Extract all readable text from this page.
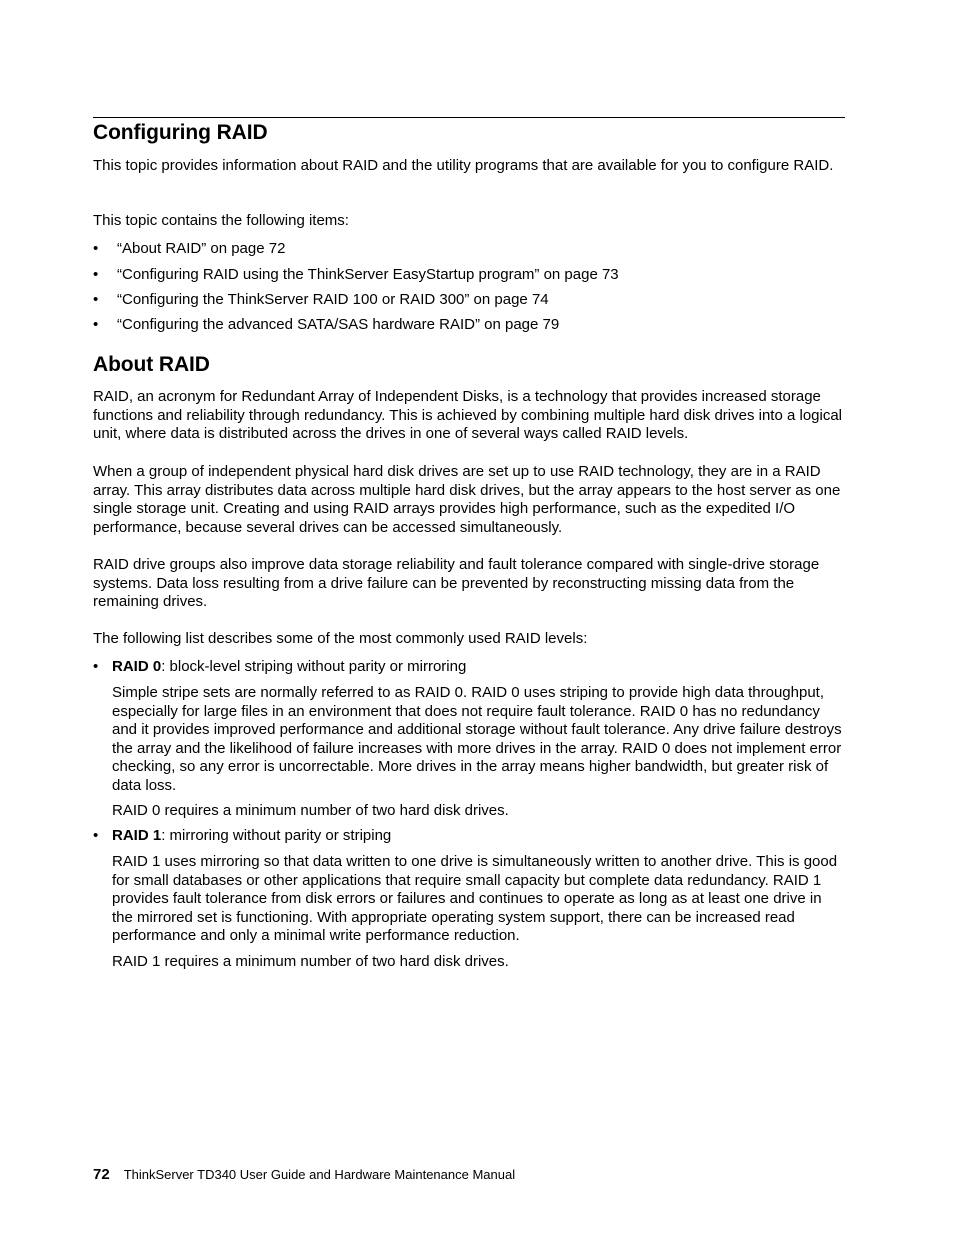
Configuring RAID

This topic provides information about RAID and the utility programs that are available for you to configure RAID.

This topic contains the following items:

• “About RAID” on page 72
• “Configuring RAID using the ThinkServer EasyStartup program” on page 73
• “Configuring the ThinkServer RAID 100 or RAID 300” on page 74
• “Configuring the advanced SATA/SAS hardware RAID” on page 79
About RAID

RAID, an acronym for Redundant Array of Independent Disks, is a technology that provides increased storage functions and reliability through redundancy. This is achieved by combining multiple hard disk drives into a logical unit, where data is distributed across the drives in one of several ways called RAID levels.

When a group of independent physical hard disk drives are set up to use RAID technology, they are in a RAID array. This array distributes data across multiple hard disk drives, but the array appears to the host server as one single storage unit. Creating and using RAID arrays provides high performance, such as the expedited I/O performance, because several drives can be accessed simultaneously.

RAID drive groups also improve data storage reliability and fault tolerance compared with single-drive storage systems. Data loss resulting from a drive failure can be prevented by reconstructing missing data from the remaining drives.

The following list describes some of the most commonly used RAID levels:

• RAID 0: block-level striping without parity or mirroring

Simple stripe sets are normally referred to as RAID 0. RAID 0 uses striping to provide high data throughput, especially for large files in an environment that does not require fault tolerance. RAID 0 has no redundancy and it provides improved performance and additional storage without fault tolerance. Any drive failure destroys the array and the likelihood of failure increases with more drives in the array. RAID 0 does not implement error checking, so any error is uncorrectable. More drives in the array means higher bandwidth, but greater risk of data loss.

RAID 0 requires a minimum number of two hard disk drives.

• RAID 1: mirroring without parity or striping

RAID 1 uses mirroring so that data written to one drive is simultaneously written to another drive. This is good for small databases or other applications that require small capacity but complete data redundancy. RAID 1 provides fault tolerance from disk errors or failures and continues to operate as long as at least one drive in the mirrored set is functioning. With appropriate operating system support, there can be increased read performance and only a minimal write performance reduction.

RAID 1 requires a minimum number of two hard disk drives.

72 ThinkServer TD340 User Guide and Hardware Maintenance Manual
